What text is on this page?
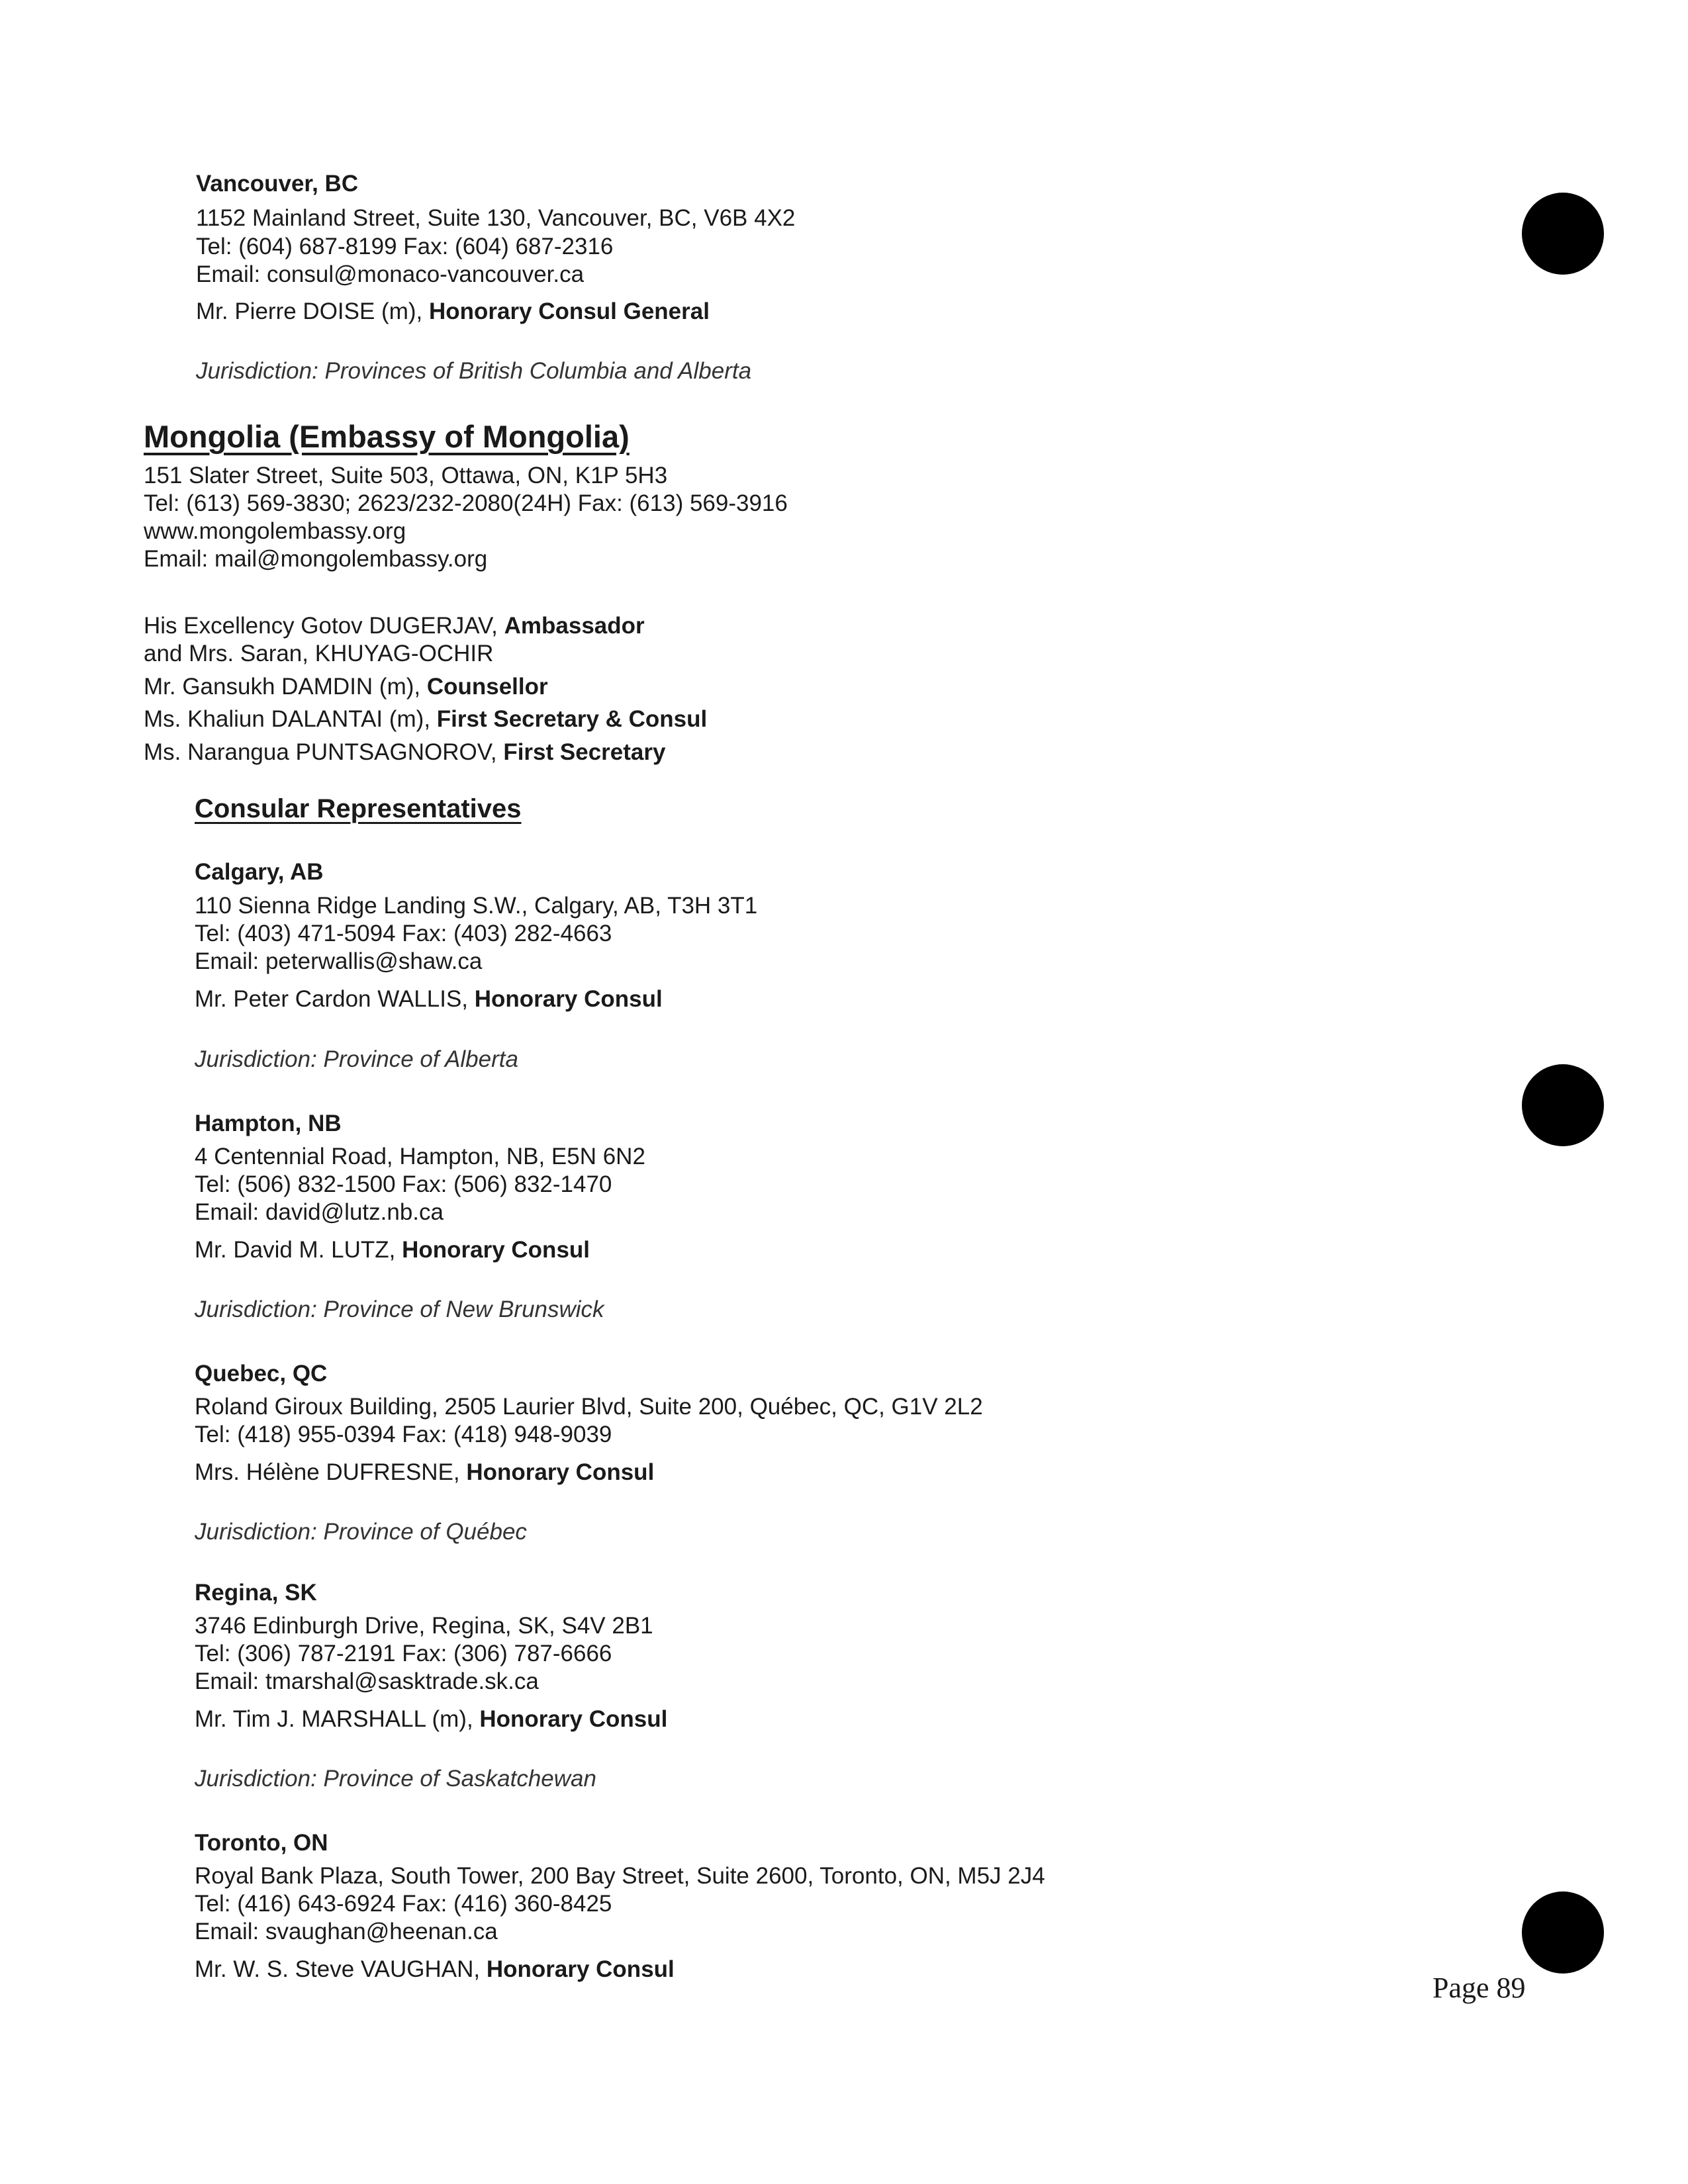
Vancouver, BC
1152 Mainland Street, Suite 130, Vancouver, BC, V6B 4X2
Tel: (604) 687-8199 Fax: (604) 687-2316
Email: consul@monaco-vancouver.ca
Mr. Pierre DOISE (m), Honorary Consul General
Jurisdiction: Provinces of British Columbia and Alberta
Mongolia (Embassy of Mongolia)
151 Slater Street, Suite 503, Ottawa, ON, K1P 5H3
Tel: (613) 569-3830; 2623/232-2080(24H) Fax: (613) 569-3916
www.mongolembassy.org
Email: mail@mongolembassy.org
His Excellency Gotov DUGERJAV, Ambassador
and Mrs. Saran, KHUYAG-OCHIR
Mr. Gansukh DAMDIN (m), Counsellor
Ms. Khaliun DALANTAI (m), First Secretary & Consul
Ms. Narangua PUNTSAGNOROV, First Secretary
Consular Representatives
Calgary, AB
110 Sienna Ridge Landing S.W., Calgary, AB, T3H 3T1
Tel: (403) 471-5094 Fax: (403) 282-4663
Email: peterwallis@shaw.ca
Mr. Peter Cardon WALLIS, Honorary Consul
Jurisdiction: Province of Alberta
Hampton, NB
4 Centennial Road, Hampton, NB, E5N 6N2
Tel: (506) 832-1500 Fax: (506) 832-1470
Email: david@lutz.nb.ca
Mr. David M. LUTZ, Honorary Consul
Jurisdiction: Province of New Brunswick
Quebec, QC
Roland Giroux Building, 2505 Laurier Blvd, Suite 200, Québec, QC, G1V 2L2
Tel: (418) 955-0394 Fax: (418) 948-9039
Mrs. Hélène DUFRESNE, Honorary Consul
Jurisdiction: Province of Québec
Regina, SK
3746 Edinburgh Drive, Regina, SK, S4V 2B1
Tel: (306) 787-2191 Fax: (306) 787-6666
Email: tmarshal@sasktrade.sk.ca
Mr. Tim J. MARSHALL (m), Honorary Consul
Jurisdiction: Province of Saskatchewan
Toronto, ON
Royal Bank Plaza, South Tower, 200 Bay Street, Suite 2600, Toronto, ON, M5J 2J4
Tel: (416) 643-6924 Fax: (416) 360-8425
Email: svaughan@heenan.ca
Mr. W. S. Steve VAUGHAN, Honorary Consul
Page 89
